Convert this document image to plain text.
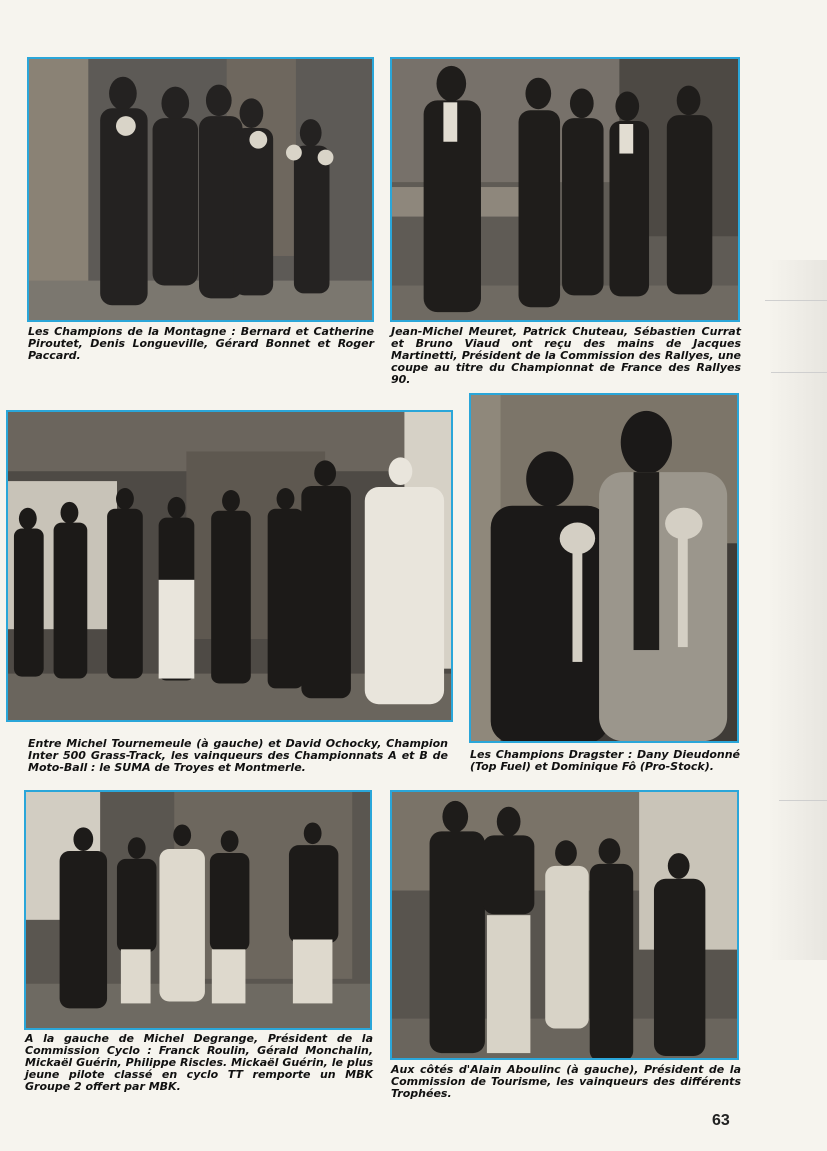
Les Champions de la Montagne : Bernard et Catherine Piroutet, Denis Longueville, Gérard Bonnet et Roger Paccard.

Jean-Michel Meuret, Patrick Chuteau, Sébastien Currat et Bruno Viaud ont reçu des mains de Jacques Martinetti, Président de la Commission des Rallyes, une coupe au titre du Championnat de France des Rallyes 90.

Entre Michel Tournemeule (à gauche) et David Ochocky, Champion Inter 500 Grass-Track, les vainqueurs des Championnats A et B de Moto-Ball : le SUMA de Troyes et Montmerle.

Les Champions Dragster : Dany Dieudonné (Top Fuel) et Dominique Fô (Pro-Stock).

A la gauche de Michel Degrange, Président de la Commission Cyclo : Franck Roulin, Gérald Monchalin, Mickaël Guérin, Philippe Riscles. Mickaël Guérin, le plus jeune pilote classé en cyclo TT remporte un MBK Groupe 2 offert par MBK.

Aux côtés d'Alain Aboulinc (à gauche), Président de la Commission de Tourisme, les vainqueurs des différents Trophées.

63
